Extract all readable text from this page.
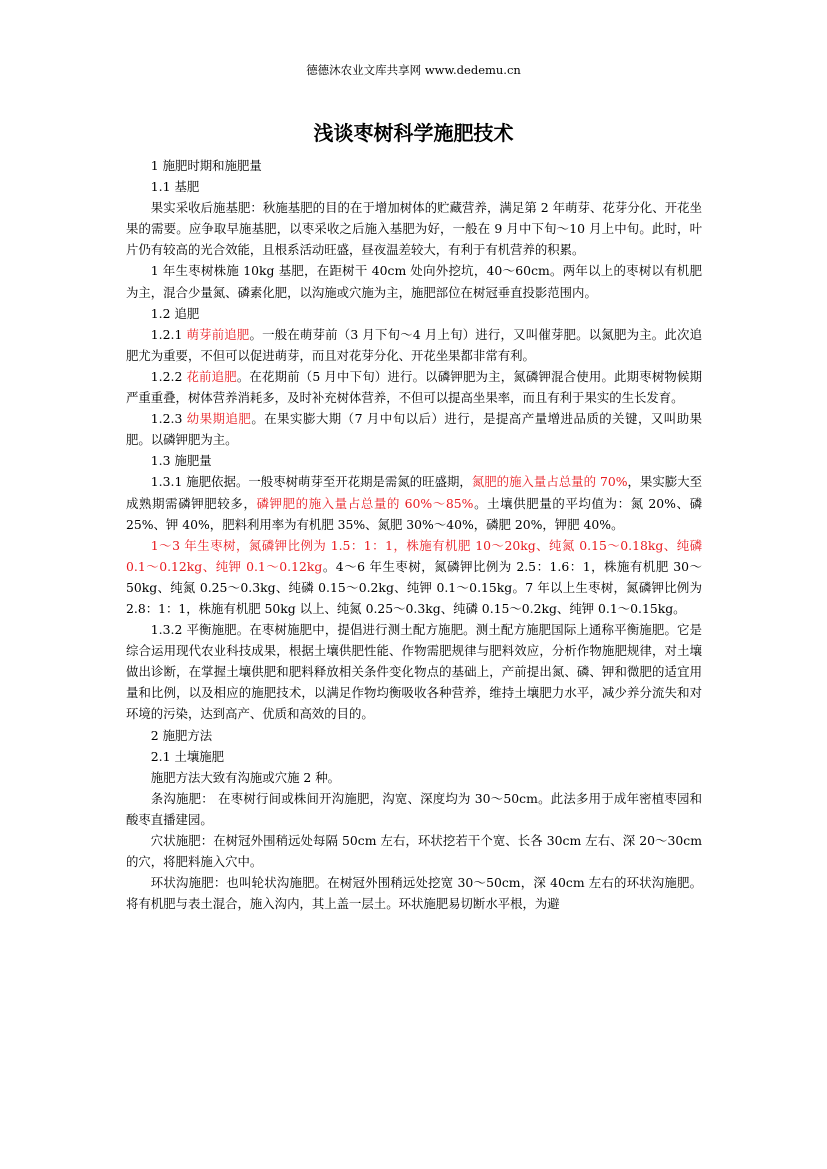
德德沐农业文库共享网 www.dedemu.cn
浅谈枣树科学施肥技术

1 施肥时期和施肥量

1.1 基肥

果实采收后施基肥：秋施基肥的目的在于增加树体的贮藏营养，满足第 2 年萌芽、花芽分化、开花坐果的需要。应争取早施基肥，以枣采收之后施入基肥为好，一般在 9 月中下旬～10 月上中旬。此时，叶片仍有较高的光合效能，且根系活动旺盛，昼夜温差较大，有利于有机营养的积累。

1 年生枣树株施 10kg 基肥，在距树干 40cm 处向外挖坑，40～60cm。两年以上的枣树以有机肥为主，混合少量氮、磷素化肥，以沟施或穴施为主，施肥部位在树冠垂直投影范围内。

1.2 追肥

1.2.1 萌芽前追肥。一般在萌芽前（3 月下旬～4 月上旬）进行，又叫催芽肥。以氮肥为主。此次追肥尤为重要，不但可以促进萌芽，而且对花芽分化、开花坐果都非常有利。

1.2.2 花前追肥。在花期前（5 月中下旬）进行。以磷钾肥为主，氮磷钾混合使用。此期枣树物候期严重重叠，树体营养消耗多，及时补充树体营养，不但可以提高坐果率，而且有利于果实的生长发育。

1.2.3 幼果期追肥。在果实膨大期（7 月中旬以后）进行，是提高产量增进品质的关键，又叫助果肥。以磷钾肥为主。

1.3 施肥量

1.3.1 施肥依据。一般枣树萌芽至开花期是需氮的旺盛期，氮肥的施入量占总量的 70%，果实膨大至成熟期需磷钾肥较多，磷钾肥的施入量占总量的 60%～85%。土壤供肥量的平均值为：氮 20%、磷 25%、钾 40%，肥料利用率为有机肥 35%、氮肥 30%～40%，磷肥 20%，钾肥 40%。

1～3 年生枣树，氮磷钾比例为 1.5：1：1，株施有机肥 10～20kg、纯氮 0.15～0.18kg、纯磷 0.1～0.12kg、纯钾 0.1～0.12kg。4～6 年生枣树，氮磷钾比例为 2.5：1.6：1，株施有机肥 30～50kg、纯氮 0.25～0.3kg、纯磷 0.15～0.2kg、纯钾 0.1～0.15kg。7 年以上生枣树，氮磷钾比例为 2.8：1：1，株施有机肥 50kg 以上、纯氮 0.25～0.3kg、纯磷 0.15～0.2kg、纯钾 0.1～0.15kg。

1.3.2 平衡施肥。在枣树施肥中，提倡进行测土配方施肥。测土配方施肥国际上通称平衡施肥。它是综合运用现代农业科技成果，根据土壤供肥性能、作物需肥规律与肥料效应，分析作物施肥规律，对土壤做出诊断，在掌握土壤供肥和肥料释放相关条件变化物点的基础上，产前提出氮、磷、钾和微肥的适宜用量和比例，以及相应的施肥技术，以满足作物均衡吸收各种营养，维持土壤肥力水平，减少养分流失和对环境的污染，达到高产、优质和高效的目的。

2 施肥方法

2.1 土壤施肥

施肥方法大致有沟施或穴施 2 种。

条沟施肥： 在枣树行间或株间开沟施肥，沟宽、深度均为 30～50cm。此法多用于成年密植枣园和酸枣直播建园。

穴状施肥：在树冠外围稍远处每隔 50cm 左右，环状挖若干个宽、长各 30cm 左右、深 20～30cm 的穴，将肥料施入穴中。

环状沟施肥：也叫轮状沟施肥。在树冠外围稍远处挖宽 30～50cm，深 40cm 左右的环状沟施肥。将有机肥与表土混合，施入沟内，其上盖一层土。环状施肥易切断水平根，为避
